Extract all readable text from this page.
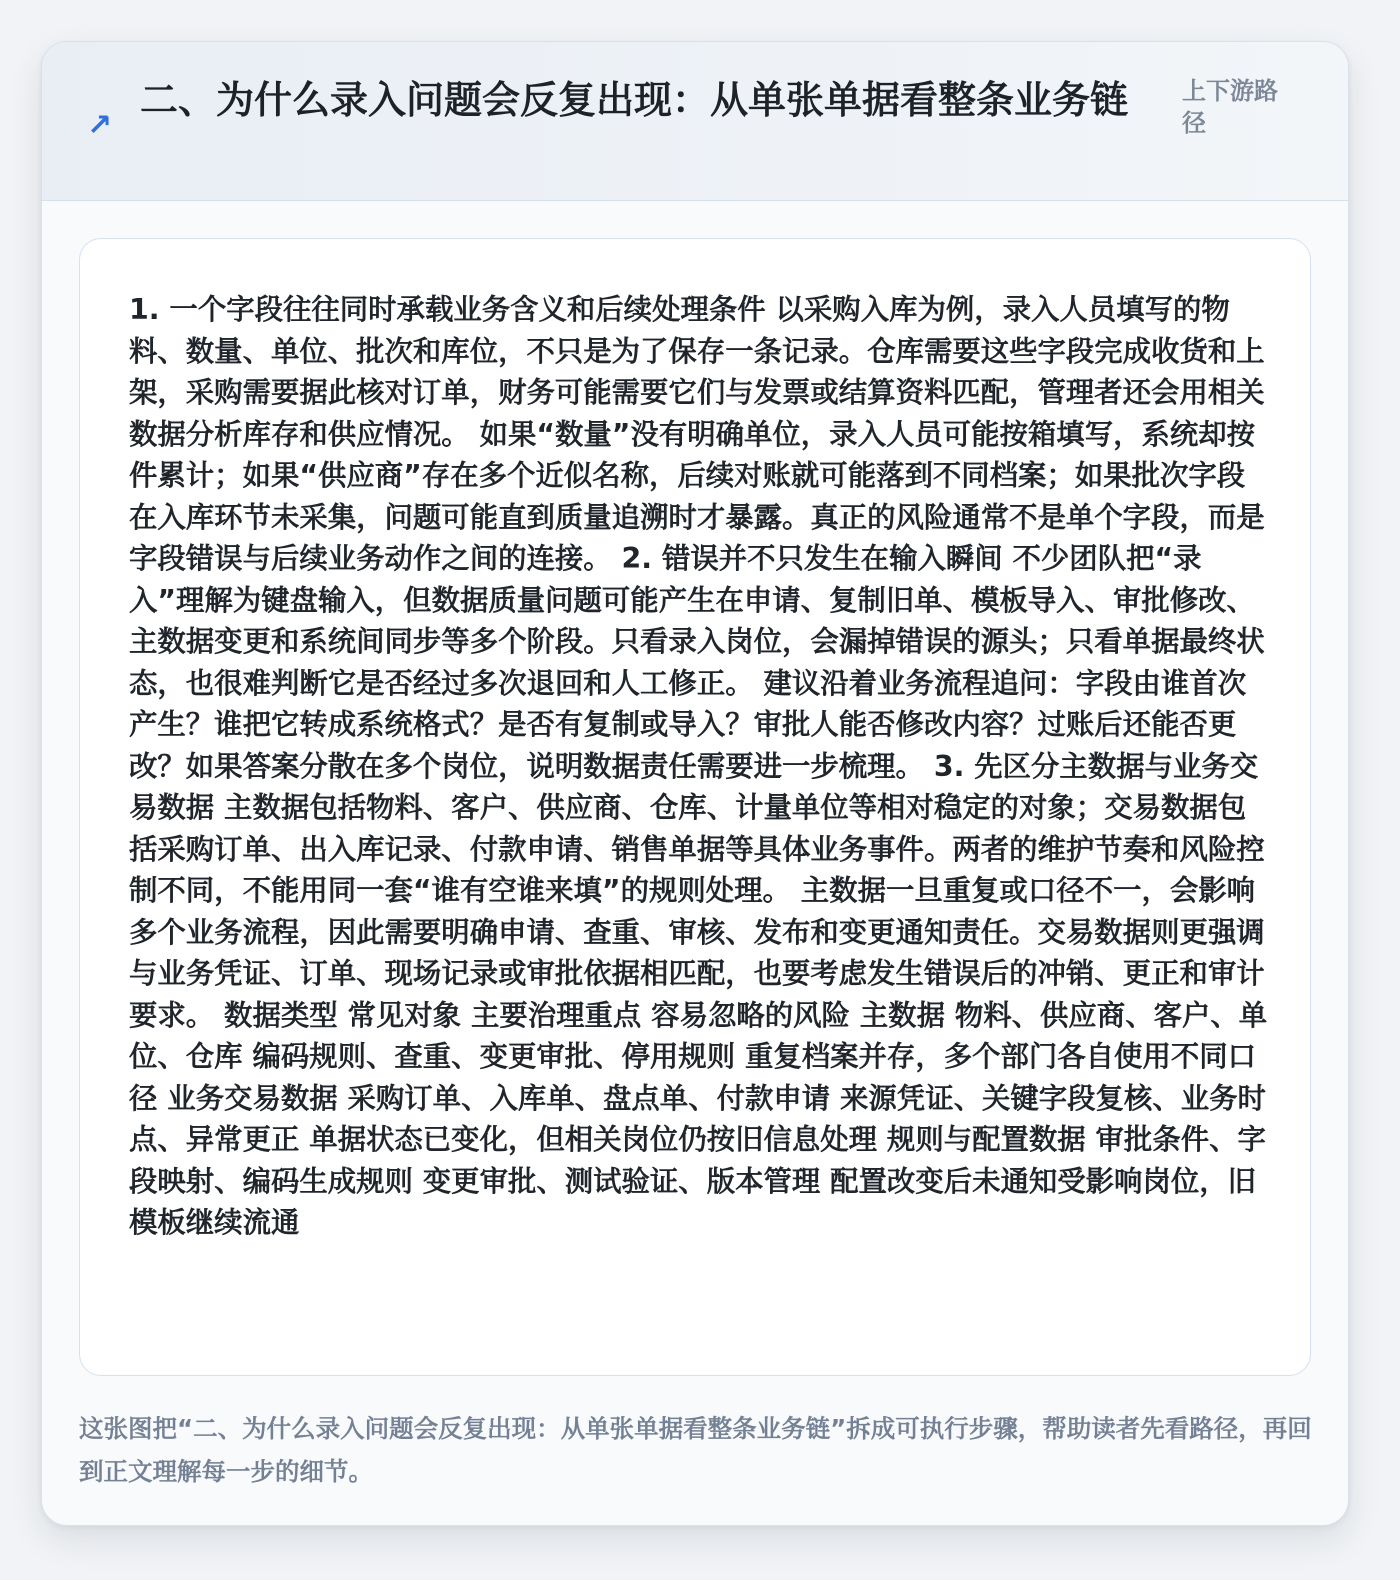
↗
二、为什么录入问题会反复出现：从单张单据看整条业务链	上下游路径

1. 一个字段往往同时承载业务含义和后续处理条件 以采购入库为例，录入人员填写的物料、数量、单位、批次和库位，不只是为了保存一条记录。仓库需要这些字段完成收货和上架，采购需要据此核对订单，财务可能需要它们与发票或结算资料匹配，管理者还会用相关数据分析库存和供应情况。 如果“数量”没有明确单位，录入人员可能按箱填写，系统却按件累计；如果“供应商”存在多个近似名称，后续对账就可能落到不同档案；如果批次字段在入库环节未采集，问题可能直到质量追溯时才暴露。真正的风险通常不是单个字段，而是字段错误与后续业务动作之间的连接。 2. 错误并不只发生在输入瞬间 不少团队把“录入”理解为键盘输入，但数据质量问题可能产生在申请、复制旧单、模板导入、审批修改、主数据变更和系统间同步等多个阶段。只看录入岗位，会漏掉错误的源头；只看单据最终状态，也很难判断它是否经过多次退回和人工修正。 建议沿着业务流程追问：字段由谁首次产生？谁把它转成系统格式？是否有复制或导入？审批人能否修改内容？过账后还能否更改？如果答案分散在多个岗位，说明数据责任需要进一步梳理。 3. 先区分主数据与业务交易数据 主数据包括物料、客户、供应商、仓库、计量单位等相对稳定的对象；交易数据包括采购订单、出入库记录、付款申请、销售单据等具体业务事件。两者的维护节奏和风险控制不同，不能用同一套“谁有空谁来填”的规则处理。 主数据一旦重复或口径不一，会影响多个业务流程，因此需要明确申请、查重、审核、发布和变更通知责任。交易数据则更强调与业务凭证、订单、现场记录或审批依据相匹配，也要考虑发生错误后的冲销、更正和审计要求。 数据类型 常见对象 主要治理重点 容易忽略的风险 主数据 物料、供应商、客户、单位、仓库 编码规则、查重、变更审批、停用规则 重复档案并存，多个部门各自使用不同口径 业务交易数据 采购订单、入库单、盘点单、付款申请 来源凭证、关键字段复核、业务时点、异常更正 单据状态已变化，但相关岗位仍按旧信息处理 规则与配置数据 审批条件、字段映射、编码生成规则 变更审批、测试验证、版本管理 配置改变后未通知受影响岗位，旧模板继续流通

这张图把“二、为什么录入问题会反复出现：从单张单据看整条业务链”拆成可执行步骤，帮助读者先看路径，再回到正文理解每一步的细节。
